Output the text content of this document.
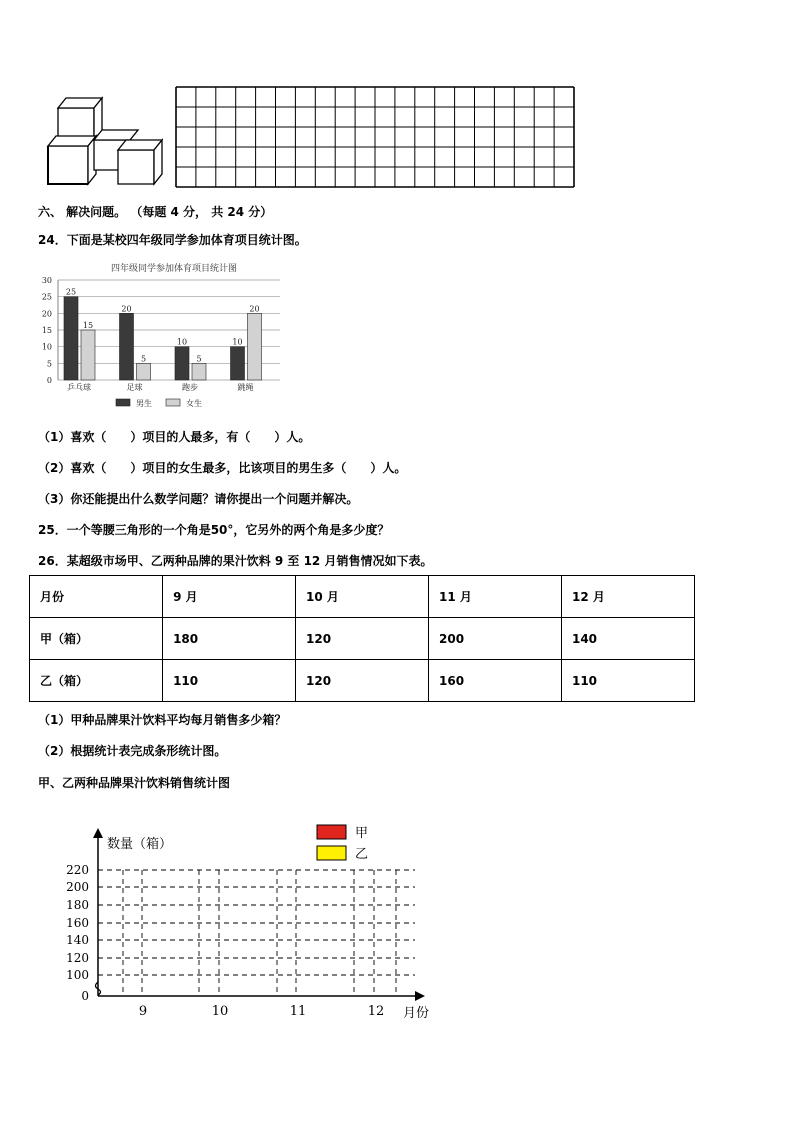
六、 解决问题。 （每题 4 分， 共 24 分）
24．下面是某校四年级同学参加体育项目统计图。
四年级同学参加体育项目统计图
0
5
10
15
20
25
30
25
15
乒乓球
20
5
足球
10
5
跑步
10
20
跳绳
男生	女生
（1）喜欢（　　）项目的人最多，有（　　）人。
（2）喜欢（　　）项目的女生最多，比该项目的男生多（　　）人。
（3）你还能提出什么数学问题？请你提出一个问题并解决。
25．一个等腰三角形的一个角是50°，它另外的两个角是多少度？
26．某超级市场甲、乙两种品牌的果汁饮料 9 至 12 月销售情况如下表。
月份	9 月	10 月	11 月	12 月
甲（箱）	180	120	200	140
乙（箱）	110	120	160	110
（1）甲种品牌果汁饮料平均每月销售多少箱？
（2）根据统计表完成条形统计图。
甲、乙两种品牌果汁饮料销售统计图
0
100
120
140
160
180
200
220
9	10	11	12 月份
数量（箱）
甲
乙
